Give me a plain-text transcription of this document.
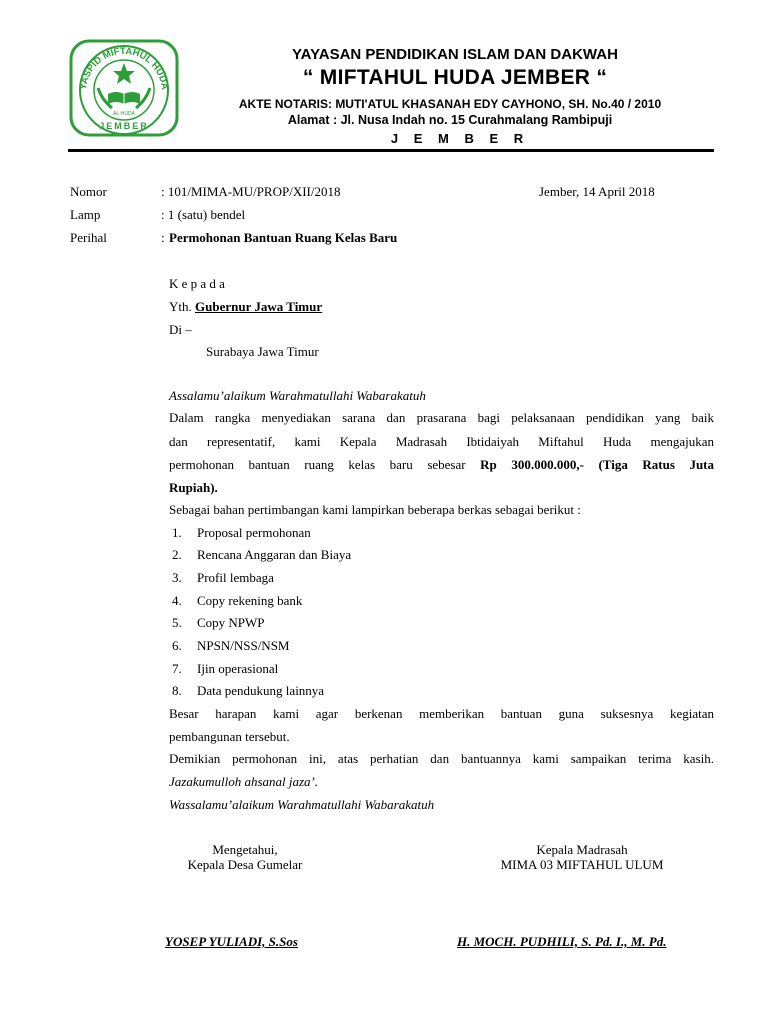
YASPID MIFTAHUL HUDA
AL-HUDA
JEMBER
YAYASAN PENDIDIKAN ISLAM DAN DAKWAH
“ MIFTAHUL HUDA JEMBER “
AKTE NOTARIS: MUTI'ATUL KHASANAH EDY CAYHONO, SH. No.40 / 2010
Alamat : Jl. Nusa Indah no. 15 Curahmalang Rambipuji
J E M B E R
Nomor	: 101/MIMA-MU/PROP/XII/2018	Jember, 14 April 2018
Lamp	: 1 (satu) bendel
Perihal	: Permohonan Bantuan Ruang Kelas Baru
K e p a d a
Yth. Gubernur Jawa Timur
Di –
Surabaya Jawa Timur
Assalamu’alaikum Warahmatullahi Wabarakatuh
Dalam rangka menyediakan sarana dan prasarana bagi pelaksanaan pendidikan yang baik
dan representatif, kami Kepala Madrasah Ibtidaiyah Miftahul Huda mengajukan
permohonan bantuan ruang kelas baru sebesar Rp 300.000.000,- (Tiga Ratus Juta
Rupiah).
Sebagai bahan pertimbangan kami lampirkan beberapa berkas sebagai berikut :
1. Proposal permohonan
2. Rencana Anggaran dan Biaya
3. Profil lembaga
4. Copy rekening bank
5. Copy NPWP
6. NPSN/NSS/NSM
7. Ijin operasional
8. Data pendukung lainnya
Besar harapan kami agar berkenan memberikan bantuan guna suksesnya kegiatan
pembangunan tersebut.
Demikian permohonan ini, atas perhatian dan bantuannya kami sampaikan terima kasih.
Jazakumulloh ahsanal jaza’.
Wassalamu’alaikum Warahmatullahi Wabarakatuh
Mengetahui,
Kepala Desa Gumelar
Kepala Madrasah
MIMA 03 MIFTAHUL ULUM
YOSEP YULIADI, S.Sos	H. MOCH. PUDHILI, S. Pd. I., M. Pd.
